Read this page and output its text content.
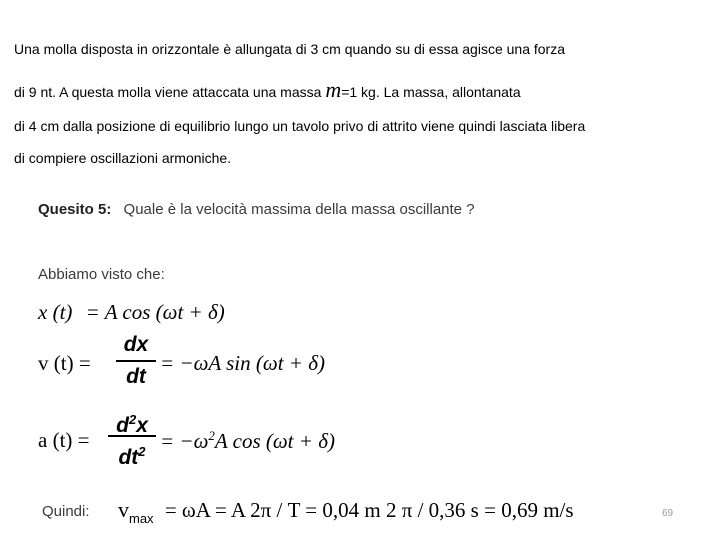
Una molla disposta in orizzontale è allungata di 3 cm quando su di essa agisce una forza
di 9 nt. A questa molla viene attaccata una massa m=1 kg. La massa, allontanata
di 4 cm dalla posizione di equilibrio lungo un tavolo privo di attrito viene quindi lasciata libera
di compiere oscillazioni armoniche.
Quesito 5: Quale è la velocità massima della massa oscillante ?
Abbiamo visto che:
x (t) = A cos (ωt + δ)
v (t) =
dx
dt
= −ωA sin (ωt + δ)
a (t) =
$d^2x$
$dt^2 = -\omega^2A$ cos (ωt + δ)
Quindi: $v_{max} = \omega A = A$ 2π / T = 0,04 m 2 π / 0,36 s = 0,69 m/s	69
